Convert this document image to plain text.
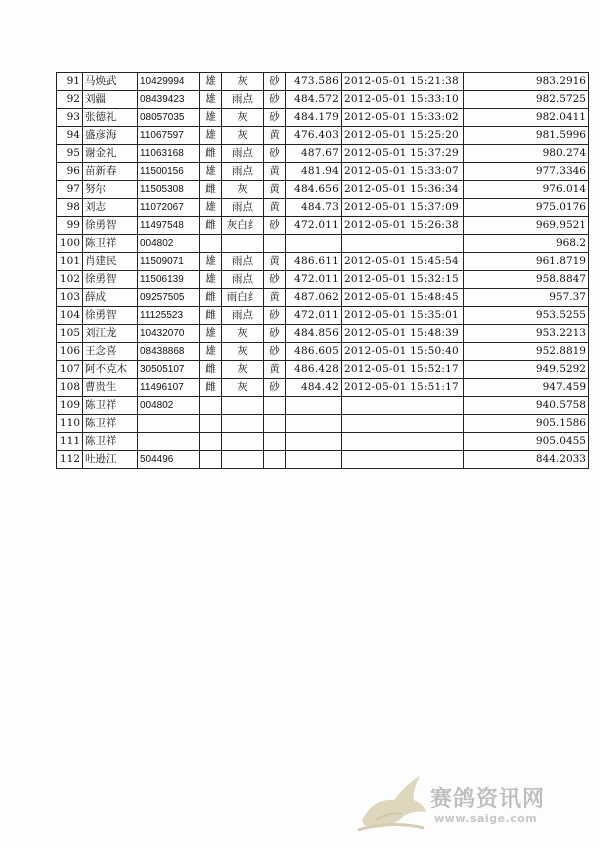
91	马焕武	10429994	雄	灰	砂	473.586	2012-05-01 15:21:38	983.2916
92	刘疆	08439423	雄	雨点	砂	484.572	2012-05-01 15:33:10	982.5725
93	张德礼	08057035	雄	灰	砂	484.179	2012-05-01 15:33:02	982.0411
94	盛彦海	11067597	雄	灰	黄	476.403	2012-05-01 15:25:20	981.5996
95	谢金礼	11063168	雌	雨点	砂	487.67	2012-05-01 15:37:29	980.274
96	苗新春	11500156	雄	雨点	黄	481.94	2012-05-01 15:33:07	977.3346
97	努尔	11505308	雌	灰	黄	484.656	2012-05-01 15:36:34	976.014
98	刘志	11072067	雄	雨点	黄	484.73	2012-05-01 15:37:09	975.0176
99	徐勇智	11497548	雌	灰白纟	砂	472.011	2012-05-01 15:26:38	969.9521
100	陈卫祥	004802						968.2
101	肖建民	11509071	雄	雨点	黄	486.611	2012-05-01 15:45:54	961.8719
102	徐勇智	11506139	雄	雨点	砂	472.011	2012-05-01 15:32:15	958.8847
103	薛成	09257505	雌	雨白纟	黄	487.062	2012-05-01 15:48:45	957.37
104	徐勇智	11125523	雌	雨点	砂	472.011	2012-05-01 15:35:01	953.5255
105	刘江龙	10432070	雄	灰	砂	484.856	2012-05-01 15:48:39	953.2213
106	王念喜	08438868	雄	灰	砂	486.605	2012-05-01 15:50:40	952.8819
107	阿不克木	30505107	雌	灰	黄	486.428	2012-05-01 15:52:17	949.5292
108	曹贵生	11496107	雌	灰	砂	484.42	2012-05-01 15:51:17	947.459
109	陈卫祥	004802						940.5758
110	陈卫祥							905.1586
111	陈卫祥							905.0455
112	吐逊江	504496						844.2033
赛鸽资讯网
www.saige.com
